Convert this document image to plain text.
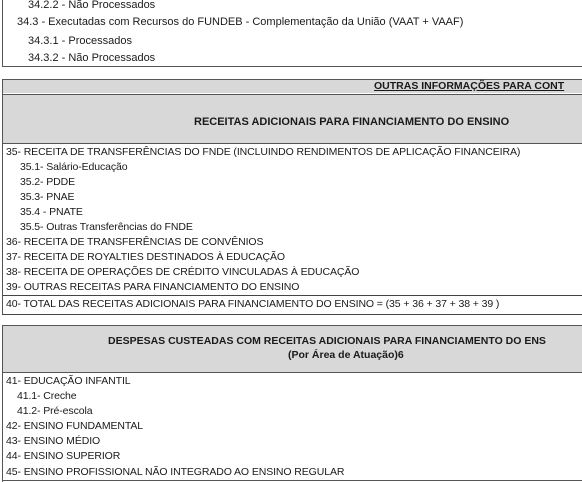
34.2.2 - Não Processados
34.3 - Executadas com Recursos do FUNDEB - Complementação da União (VAAT + VAAF)
34.3.1 - Processados
34.3.2 - Não Processados
OUTRAS INFORMAÇÕES PARA CONT
RECEITAS ADICIONAIS PARA FINANCIAMENTO DO ENSINO
35- RECEITA DE TRANSFERÊNCIAS DO FNDE (INCLUINDO RENDIMENTOS DE APLICAÇÃO FINANCEIRA)
35.1- Salário-Educação
35.2- PDDE
35.3- PNAE
35.4 - PNATE
35.5- Outras Transferências do FNDE
36- RECEITA DE TRANSFERÊNCIAS DE CONVÊNIOS
37- RECEITA DE ROYALTIES DESTINADOS À EDUCAÇÃO
38- RECEITA DE OPERAÇÕES DE CRÉDITO VINCULADAS À EDUCAÇÃO
39- OUTRAS RECEITAS PARA FINANCIAMENTO DO ENSINO
40- TOTAL DAS RECEITAS ADICIONAIS PARA FINANCIAMENTO DO ENSINO = (35 + 36 + 37 + 38 + 39 )
DESPESAS CUSTEADAS COM RECEITAS ADICIONAIS PARA FINANCIAMENTO DO ENS
(Por Área de Atuação)6
41- EDUCAÇÃO INFANTIL
41.1- Creche
41.2- Pré-escola
42- ENSINO FUNDAMENTAL
43- ENSINO MÉDIO
44- ENSINO SUPERIOR
45- ENSINO PROFISSIONAL NÃO INTEGRADO AO ENSINO REGULAR
